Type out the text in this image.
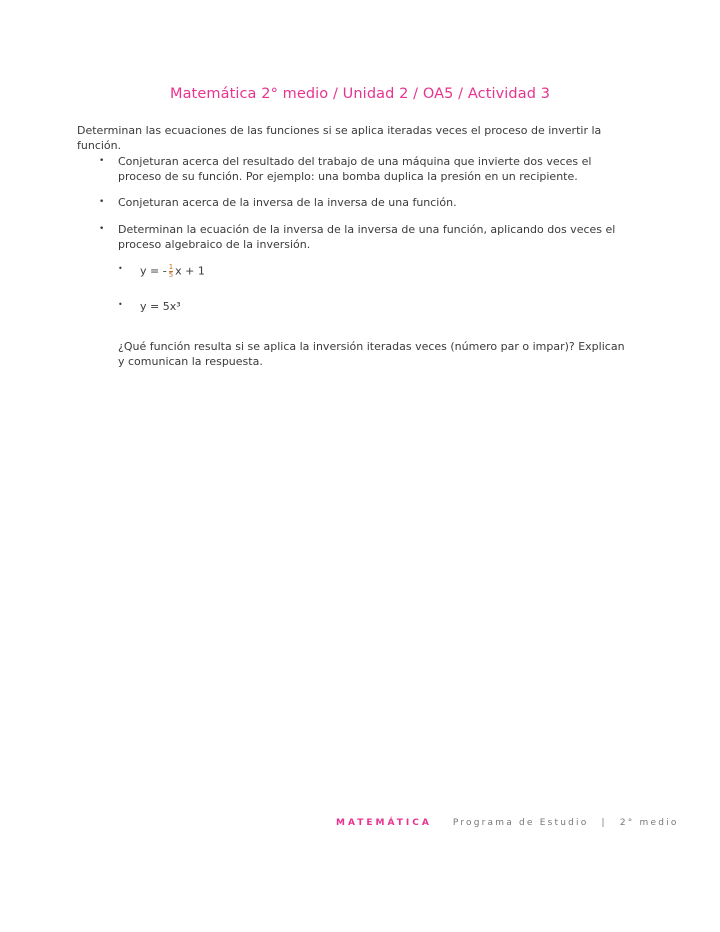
Matemática 2° medio / Unidad 2 / OA5 / Actividad 3
Determinan las ecuaciones de las funciones si se aplica iteradas veces el proceso de invertir la función.
• Conjeturan acerca del resultado del trabajo de una máquina que invierte dos veces el proceso de su función. Por ejemplo: una bomba duplica la presión en un recipiente.
• Conjeturan acerca de la inversa de la inversa de una función.
• Determinan la ecuación de la inversa de la inversa de una función, aplicando dos veces el proceso algebraico de la inversión.
• y = - $\frac{1}{5}$ x + 1
• y = 5x³
¿Qué función resulta si se aplica la inversión iteradas veces (número par o impar)? Explican y comunican la respuesta.
MATEMÁTICA Programa de Estudio | 2° medio
